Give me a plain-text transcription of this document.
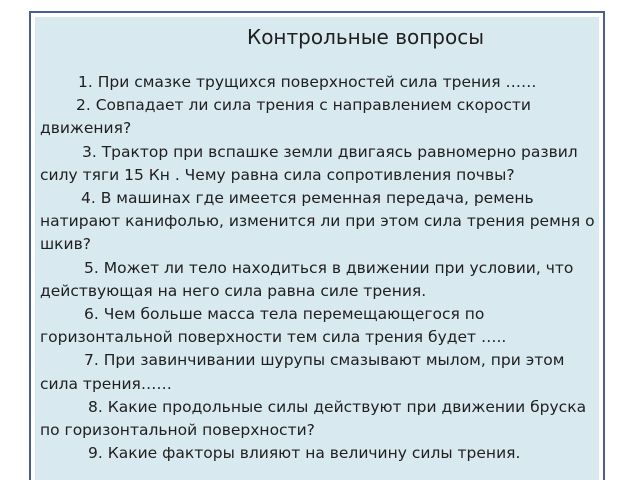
Контрольные вопросы

1. При смазке трущихся поверхностей сила трения ……

2. Совпадает ли сила трения с направлением скорости движения?

3. Трактор при вспашке земли двигаясь равномерно развил силу тяги 15 Кн . Чему равна сила сопротивления почвы?

4. В машинах где имеется ременная передача, ремень натирают канифолью, изменится ли при этом сила трения ремня о шкив?

5. Может ли тело находиться в движении при условии, что действующая на него сила равна силе трения.

6. Чем больше масса тела перемещающегося по горизонтальной поверхности тем сила трения будет …..

7. При завинчивании шурупы смазывают мылом, при этом сила трения……

8. Какие продольные силы действуют при движении бруска по горизонтальной поверхности?

9. Какие факторы влияют на величину силы трения.
